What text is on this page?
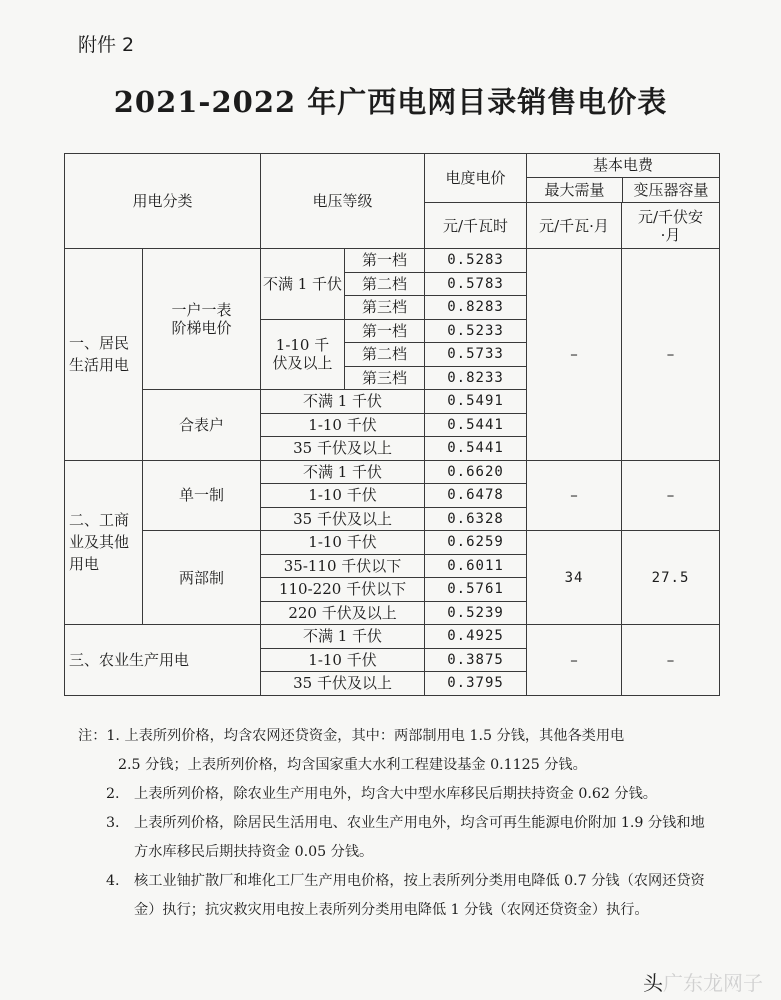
附件 2
2021-2022 年广西电网目录销售电价表
用电分类		电压等级		电度电价	基本电费
最大需量 变压器容量	

				元/千瓦时	元/千瓦·月	元/千伏安·月
一、居民生活用电	一户一表阶梯电价	不满 1 千伏	第一档	0.5283	–	–
			第二档	0.5783		
			第三档	0.8283		
		1-10 千伏及以上	第一档	0.5233		
			第二档	0.5733		
			第三档	0.8233		
	合表户	不满 1 千伏		0.5491		
		1-10 千伏		0.5441		
		35 千伏及以上		0.5441		
二、工商业及其他用电	单一制	不满 1 千伏		0.6620	–	–
		1-10 千伏		0.6478		
		35 千伏及以上		0.6328		
	两部制	1-10 千伏		0.6259	34	27.5
		35-110 千伏以下		0.6011		
		110-220 千伏以下		0.5761		
		220 千伏及以上		0.5239		
三、农业生产用电		不满 1 千伏		0.4925	–	–
		1-10 千伏		0.3875		
		35 千伏及以上		0.3795		
注：1. 上表所列价格，均含农网还贷资金，其中：两部制用电 1.5 分钱，其他各类用电
2.5 分钱；上表所列价格，均含国家重大水利工程建设基金 0.1125 分钱。
2. 上表所列价格，除农业生产用电外，均含大中型水库移民后期扶持资金 0.62 分钱。
3. 上表所列价格，除居民生活用电、农业生产用电外，均含可再生能源电价附加 1.9 分钱和地方水库移民后期扶持资金 0.05 分钱。
4. 核工业铀扩散厂和堆化工厂生产用电价格，按上表所列分类用电降低 0.7 分钱（农网还贷资金）执行；抗灾救灾用电按上表所列分类用电降低 1 分钱（农网还贷资金）执行。
头广东龙网子
